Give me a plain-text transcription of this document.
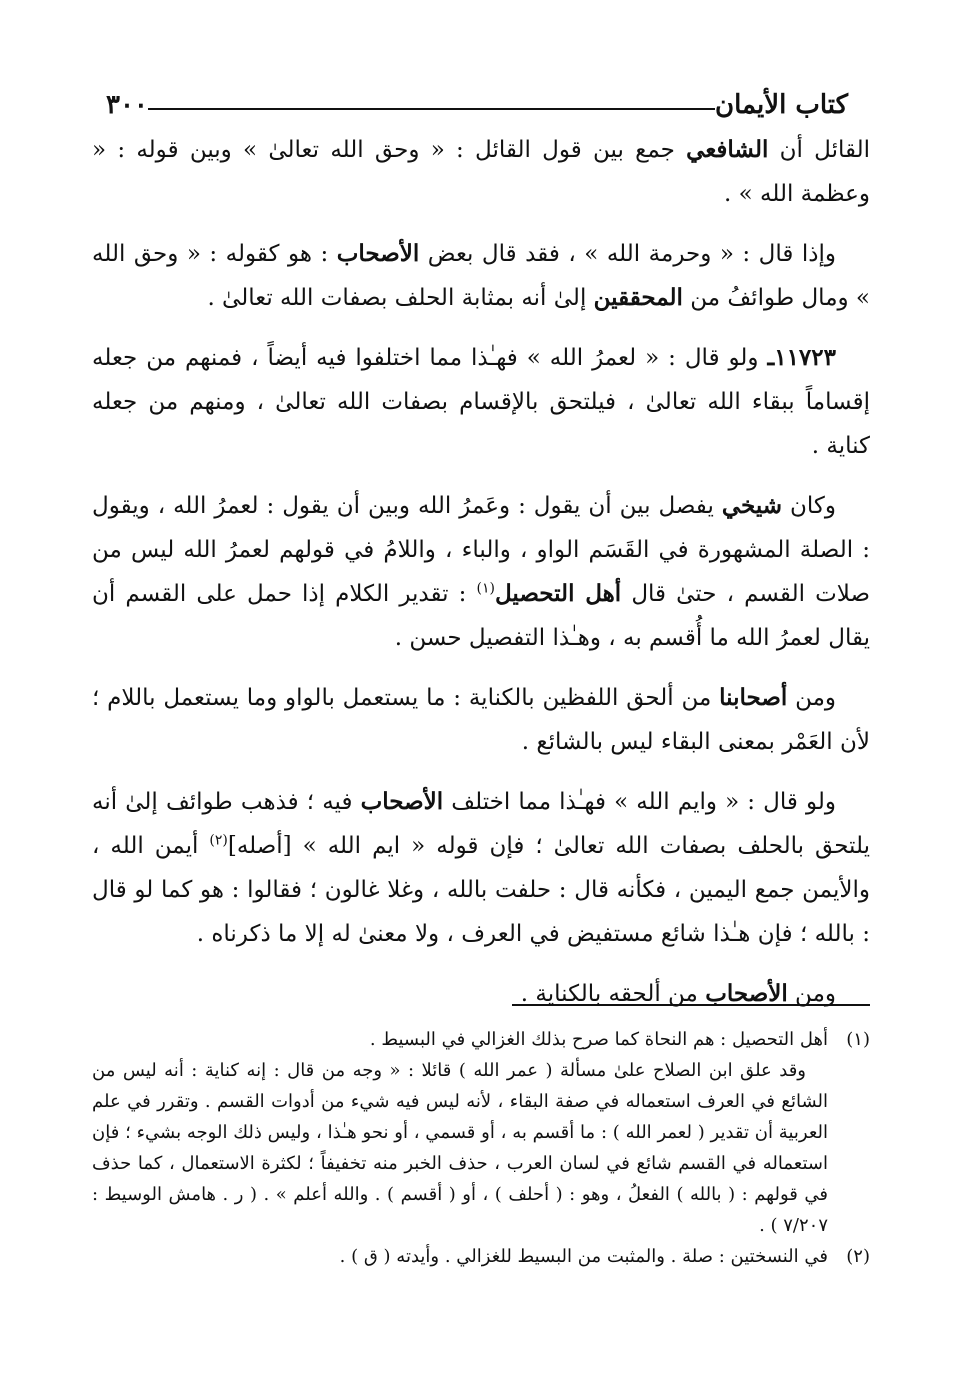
كتاب الأيمان
٣٠٠

القائل أن الشافعي جمع بين قول القائل : « وحق الله تعالىٰ » وبين قوله : « وعظمة الله » .

وإذا قال : « وحرمة الله » ، فقد قال بعض الأصحاب : هو كقوله : « وحق الله » ومال طوائفُ من المحققين إلىٰ أنه بمثابة الحلف بصفات الله تعالىٰ .

١١٧٢٣ـ ولو قال : « لعمرُ الله » فهـٰذا مما اختلفوا فيه أيضاً ، فمنهم من جعله إقساماً ببقاء الله تعالىٰ ، فيلتحق بالإقسام بصفات الله تعالىٰ ، ومنهم من جعله كناية .

وكان شيخي يفصل بين أن يقول : وعَمرُ الله وبين أن يقول : لعمرُ الله ، ويقول : الصلة المشهورة في القَسَم الواو ، والباء ، واللامُ في قولهم لعمرُ الله ليس من صلات القسم ، حتىٰ قال أهل التحصيل$^{(١)}$ : تقدير الكلام إذا حمل على القسم أن يقال لعمرُ الله ما أُقسم به ، وهـٰذا التفصيل حسن .

ومن أصحابنا من ألحق اللفظين بالكناية : ما يستعمل بالواو وما يستعمل باللام ؛ لأن العَمْر بمعنى البقاء ليس بالشائع .

ولو قال : « وايم الله » فهـٰذا مما اختلف الأصحاب فيه ؛ فذهب طوائف إلىٰ أنه يلتحق بالحلف بصفات الله تعالىٰ ؛ فإن قوله « ايم الله » [أصله]$^{(٢)}$ أيمن الله ، والأيمن جمع اليمين ، فكأنه قال : حلفت بالله ، وغلا غالون ؛ فقالوا : هو كما لو قال : بالله ؛ فإن هـٰذا شائع مستفيض في العرف ، ولا معنىٰ له إلا ما ذكرناه .

ومن الأصحاب من ألحقه بالكناية .

(١)
أهل التحصيل : هم النحاة كما صرح بذلك الغزالي في البسيط .
وقد علق ابن الصلاح علىٰ مسألة ( عمر الله ) قائلا : « وجه من قال : إنه كناية : أنه ليس من الشائع في العرف استعماله في صفة البقاء ، لأنه ليس فيه شيء من أدوات القسم . وتقرر في علم العربية أن تقدير ( لعمر الله ) : ما أقسم به ، أو قسمي ، أو نحو هـٰذا ، وليس ذلك الوجه بشيء ؛ فإن استعماله في القسم شائع في لسان العرب ، حذف الخبر منه تخفيفاً ؛ لكثرة الاستعمال ، كما حذف في قولهم : ( بالله ) الفعلُ ، وهو : ( أحلف ) ، أو ( أقسم ) . والله أعلم » . ( ر . هامش الوسيط : ٧/٢٠٧ ) .
(٢)
في النسختين : صلة . والمثبت من البسيط للغزالي . وأيدته ( ق ) .
